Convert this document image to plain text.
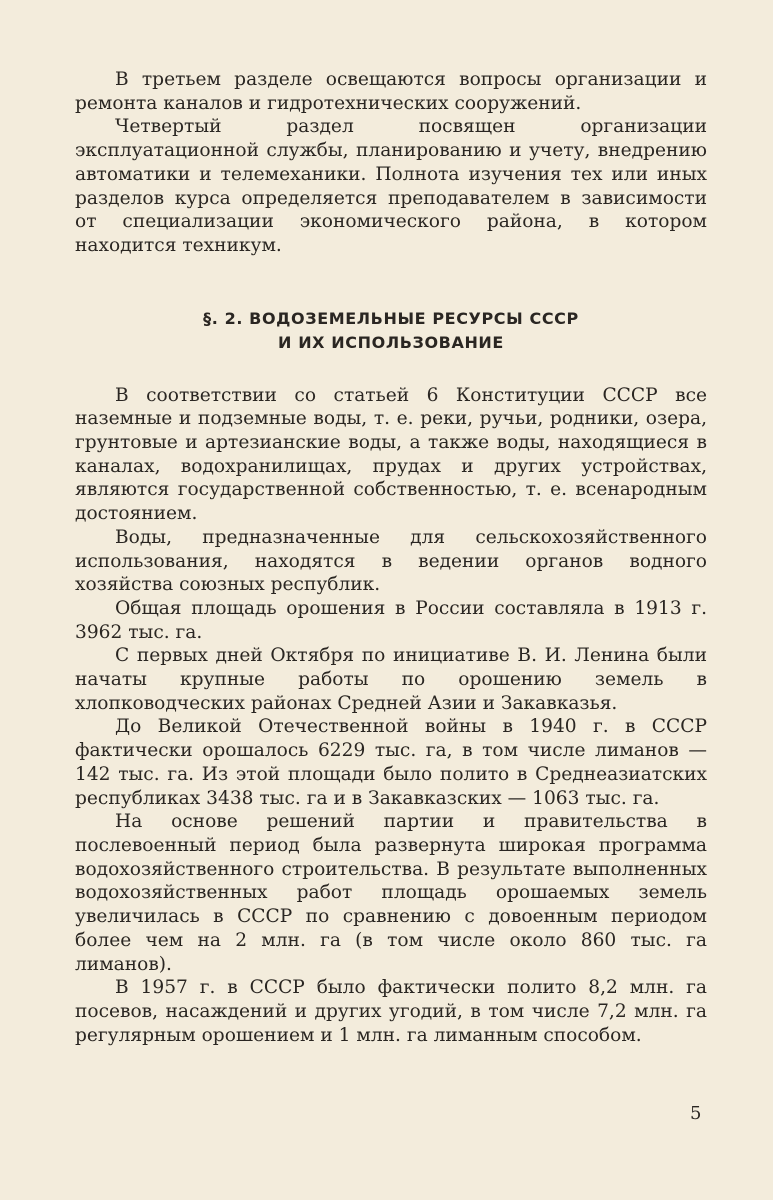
В третьем разделе освещаются вопросы организации и ремонта каналов и гидротехнических сооружений.

Четвертый раздел посвящен организации эксплуатационной службы, планированию и учету, внедрению автоматики и телемеханики. Полнота изучения тех или иных разделов курса определяется преподавателем в зависимости от специализации экономического района, в котором находится техникум.

§. 2. ВОДОЗЕМЕЛЬНЫЕ РЕСУРСЫ СССР
И ИХ ИСПОЛЬЗОВАНИЕ

В соответствии со статьей 6 Конституции СССР все наземные и подземные воды, т. е. реки, ручьи, родники, озера, грунтовые и артезианские воды, а также воды, находящиеся в каналах, водохранилищах, прудах и других устройствах, являются государственной собственностью, т. е. всенародным достоянием.

Воды, предназначенные для сельскохозяйственного использования, находятся в ведении органов водного хозяйства союзных республик.

Общая площадь орошения в России составляла в 1913 г. 3962 тыс. га.

С первых дней Октября по инициативе В. И. Ленина были начаты крупные работы по орошению земель в хлопководческих районах Средней Азии и Закавказья.

До Великой Отечественной войны в 1940 г. в СССР фактически орошалось 6229 тыс. га, в том числе лиманов — 142 тыс. га. Из этой площади было полито в Среднеазиатских республиках 3438 тыс. га и в Закавказских — 1063 тыс. га.

На основе решений партии и правительства в послевоенный период была развернута широкая программа водохозяйственного строительства. В результате выполненных водохозяйственных работ площадь орошаемых земель увеличилась в СССР по сравнению с довоенным периодом более чем на 2 млн. га (в том числе около 860 тыс. га лиманов).

В 1957 г. в СССР было фактически полито 8,2 млн. га посевов, насаждений и других угодий, в том числе 7,2 млн. га регулярным орошением и 1 млн. га лиманным способом.

5
